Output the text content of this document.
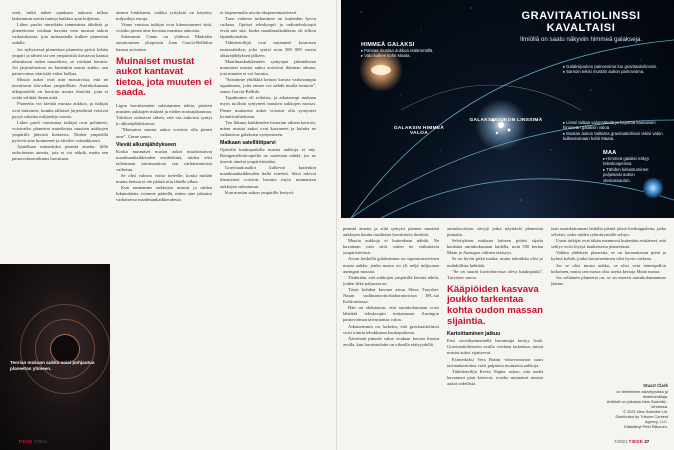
seeti, mikä näkee ajankaan aukosta tulkaa laskemmin useita tunteja kaikkea ajan kuljettua.

Lähes puolet nimeltään tunnetuista tähdistä ja planeetoista voidaan havaita vain mustan aukon vaikutuksesta, jota mittaamalla kulkee planeetan radalla.

Jos nykyisessä planeettaa planeetta pyörii kehän ympäri ja tähteä tai sen ympäristöä kuvaavat kaasut aiheuttavat radan muutoksia, se voidaan havaita. Jos järjestelmässä on kuitenkin musta aukko, sen painovoima vääristää valon kulkua.

Mustat aukot ovat niin massiivisia, että ne taivuttavat tila-aikaa ympärillään. Aurinkokunnan ulkopuolella on havaittu monia ilmiöitä, joita ei voida selittää ilman niitä.

Planeetta voi kiertää mustaa aukkoa, ja tutkijat ovat laskeneet, kuinka tällaiset järjestelmät voisivat pysyä vakaina miljardeja vuosia.

Lähes puoli vuosisataa tutkijat ovat pohtineet, voisivatko planeetat muodostua mustien aukkojen ympärille jäävistä kiekoista. Niiden ympärillä pyörivä aine kuumenee ja säteilee voimakkaasti.

Ajatellaan esimerkiksi pimeää ainetta. Sillä tarkoitetaan ainetta, jota ei voi nähdä, mutta sen painovoimavaikutus havaitaan.

aineen hiukkasen, vaikka yrityksiä on käytetty miljardeja euroja.

Viime vuosina tutkijat ovat kiinnostuneet siitä, voisiko pimeä aine koostua mustista aukoista.

Sittemmin Cinne on yhdessä Madridin autonomisen yliopiston Juan García-Bellidon kanssa arvioinut

Muinaiset mustat aukot kantavat tietoa, jota muuten ei saada.

Ligon havaitsemien sulautumien tahtia, pienten mustien aukkojen määrää ja niiden massajakaumaa. Tulokset viittaavat siihen, että osa aukoista syntyi jo alkuräjähdyksessä.

"Muinaiset mustat aukot voisivat olla pimeä aine", Cinne sanoo.

Vievät alkuräjähdykseen

Koska muinaiset mustat aukot muodostuivat maailmankaikkeuden ensihetkinä, niiden olisi tallentanut informaatiota sen varhaisimmista vaiheista.

Se olisi valtava voitto tieteelle, koska mitään muuta keinoa ei ole päästä niin lähelle alkua.

Kun tunnemme aukkojen massat ja niiden lukumäärän, voimme päätellä, miten aine jakautui varhaisessa maailmankaikkeudessa.

ei laajenemalla tavoin eksponentiaalisesti.

Tuon vaiheen tutkiminen on kuitenkin hyvin vaikeaa. Optiset teleskoopit ja radioteleskoopit eivät näe sitä, koska maailmankaikkeus oli silloin läpinäkymätön.

Tähtitieteilijät ovat mitanneet kosmisen taustasäteilyn, joka syntyi noin 380 000 vuotta alkuräjähdyksen jälkeen.

Maailmankaikkeuden syntyajan jäännöksinä muinaiset mustat aukot avaisivat ikkunan aikaan, jota muuten ei voi havaita.

"Saisimme yhtäkkiä keinon kuvata varhaisimpia tapahtumia, joita emme voi nähdä muilla keinoin", sanoo García-Bellido.

Tapahtumia oli erilaisia, ja aikaisempi mukaan myös tuolloin syntyneet mustien aukkojen massat. Pienet muinaiset aukot voisivat olla syntyneet kvanttivaihteluista.

Tuo liikuna kaikkeuden historian aikana kertoisi, miten mustat aukot ovat kasvaneet ja kuinka ne vaikuttivat galaksien syntymiseen.

Matkaan satelliittiparvi

Optisilla kaukoputkilla mustia aukkoja ei näy. Röntgenteleskoopeilla ne saatetaan nähdä, jos ne imevät ainetta ympäristöstään.

Gravitaatioaallot kulkevat kuitenkin maailmankaikkeuden halki esteettä. Siksi tulevat ilmaisimet voisivat havaita myös muinaisten aukkojen sulautumat.

Kun mustan aukon ympärille kertyvä

Teorian mukaan aukko voisi pohjautua planeetan ytimeen.
26 TIEDE 7/2021
GRAVITAATIOLINSSI KAVALTAISI
Ilmiöllä on saatu näkyviin himmeä galakseja.
HIMMEÄ GALAKSI
▸Paistaa mustaa aukkoa etäämmällä.
▸Valo kulkee kohti Maata.
GALAKSIN HIMMEÄ VALOA
GALAKSIJOUKON LINSSIMÄ
▸Galaksijoukon painovoima luo gravitaatiolinssin.
▸Samoin tekisi mustan aukon painovoima.
▸Linssi taittaa valonsäteitä ja hajottaa kaukaisen himmeän galaksin valoa.
▸Mustan aukon taittama gravitaatiolinssi tekisi valon kulkeutumaan kohti Maata.
MAA
▸Himmeä galaksi näkyy teleskoopeissa.
▸Tähden kirkastuminen paljastaisi aukon olemassaolon.

pimeää ainetta ja siitä syntyisi pienten mustien aukkojen kautta ruuhkasta havaittavia ilmiöitä.

Mustia aukkoja ei kuitenkaan nähdä. Ne havaitaan vain siitä, miten ne vaikuttavat ympäristöönsä.

Aivan keskellä galaksimme on supermassiivinen musta aukko, jonka massa on yli neljä miljoonaa auringon massaa.

Tiedetään, että aukkojen ympärillä kiertää tähtiä, joiden liike paljastaa ne.

Tässä kohden kuvaan astuu Slava Turyshev Nasan suihkumoottorilaboratoriosta JPL:stä Kaliforniassa.

Hän on ehdottanut, että aurinkokuntaan voisi lähettää teleskoopin mittaamaan Auringon painovoiman taivuttamaa valoa.

Aikaisemmin on laskettu, että gravitaatiolinssi voisi toimia tehokkaana kaukoputkena.

Ääretöntä pimeää valoa voidaan kuvata linssin avulla, kun havaintolaite on oikealla etäisyydellä.

aurinkovaloon sävyjä jotka näyttävät planeetan pinnalta.

Selvityksen mukaan laitteen pitäisi sijaita kaukana aurinkokunnan laidalla, noin 550 kertaa Maan ja Auringon välinen etäisyys.

Se on hyvin pitkä matka, mutta tekniikka olisi jo mahdollista kehittää.

"Se on suurin kuvitettavissa oleva kaukoputki", Turyshev sanoo.

Kääpiöiden kasvava joukko tarkentaa kohta oudon massan sijaintia.
Kartoittaminen jatkuu

Ensi vuosikymmenellä havaintoja kertyy lisää. Gravitaatiolinssien avulla voidaan tarkentaa, missä mustat aukot sijaitsevat.

Esimerkiksi Vera Rubin -observatorion suuri taivaankartoitus voisi paljastaa muinaisia aukkoja.

Tähtitieteilijä Kevin Napier uskoo, että uudet havainnot pian kertovat, ovatko muinaiset mustat aukot todellisia.

taan aurinkokunnan laidalla pieniä jäisiä kivikappaleita, jotka selvästi, onko niiden ryhmittymälle selitys.

Useat tutkijat ovat tähän mennessä kuitenkin esittäneet, että selitys voisi löytyä kaukaisesta planeetasta.

Vaikka yhdeksäs planeetta, se on huomattavan pieni ja kylmä kohde, jonka havaitseminen olisi hyvin vaikeaa.

Jos se olisi musta aukko, se olisi vain tennispallon kokoinen, mutta sen massa olisi useita kertoja Maan massa.

Jos sellainen planeetta on, se on nuoren aurinkokuntamme jäänne.

Stuart Clark
on tieteellinen astrofyysikko ja tiedetoimittaja.
Artikkeli on julkaistu New Scientist -lehdessä.
© 2021 New Scientist Ltd. Distributed by Tribune Content Agency, LLC.
Kääntänyt Petri Riikonen.
7/2021 TIEDE 27
